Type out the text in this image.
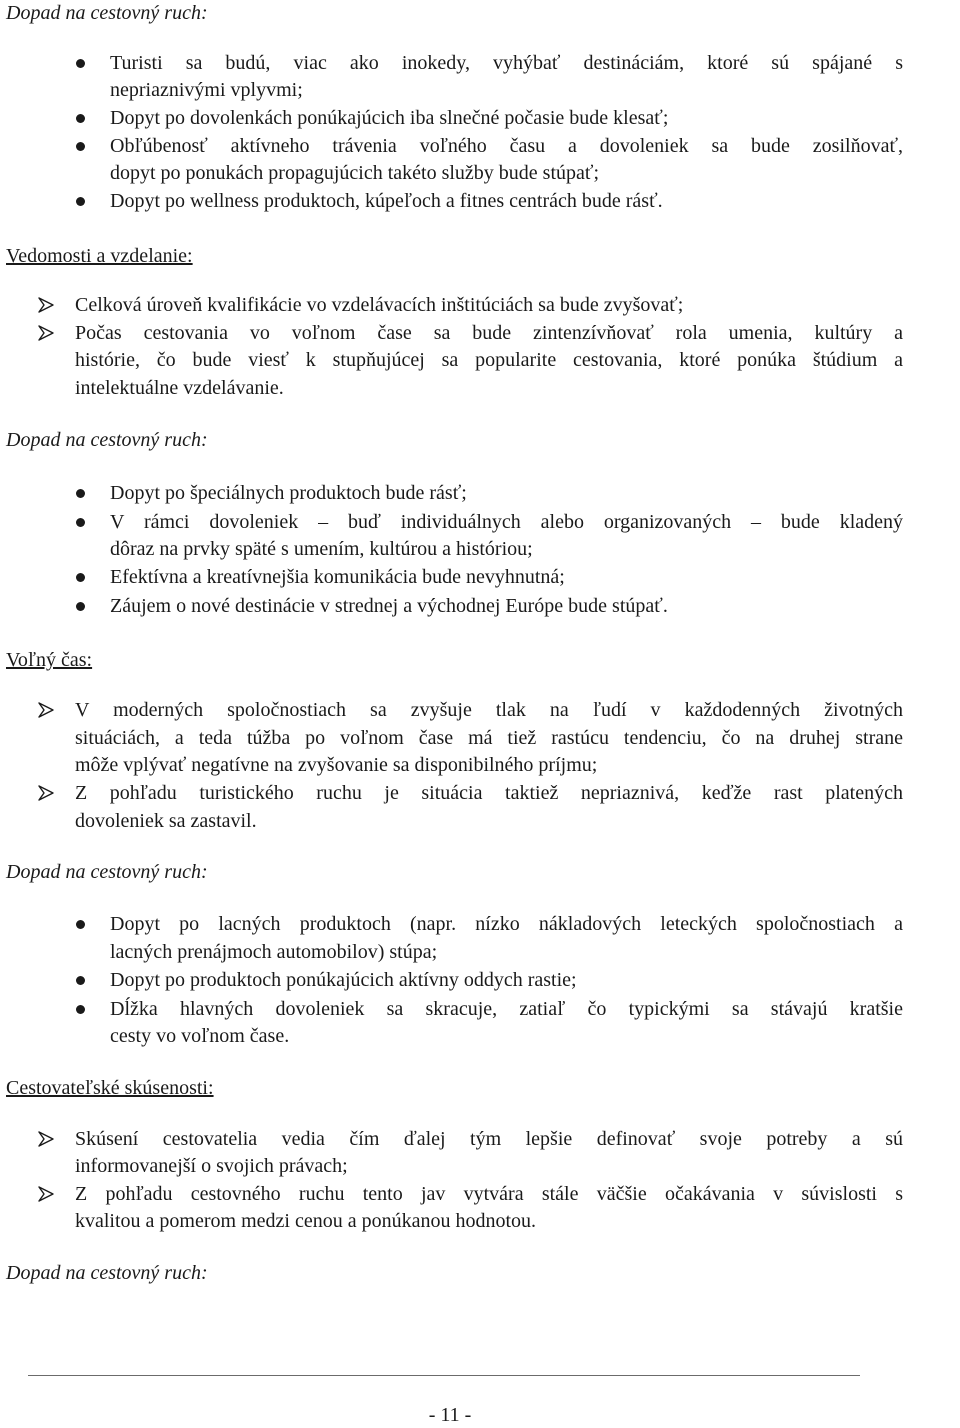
Dopad na cestovný ruch:
Turisti sa budú, viac ako inokedy, vyhýbať destináciám, ktoré sú spájané s
nepriaznivými vplyvmi;
Dopyt po dovolenkách ponúkajúcich iba slnečné počasie bude klesať;
Obľúbenosť aktívneho trávenia voľného času a dovoleniek sa bude zosilňovať,
dopyt po ponukách propagujúcich takéto služby bude stúpať;
Dopyt po wellness produktoch, kúpeľoch a fitnes centrách bude rásť.
Vedomosti a vzdelanie:
Celková úroveň kvalifikácie vo vzdelávacích inštitúciách sa bude zvyšovať;
Počas cestovania vo voľnom čase sa bude zintenzívňovať rola umenia, kultúry a
histórie, čo bude viesť k stupňujúcej sa popularite cestovania, ktoré ponúka štúdium a
intelektuálne vzdelávanie.
Dopad na cestovný ruch:
Dopyt po špeciálnych produktoch bude rásť;
V rámci dovoleniek – buď individuálnych alebo organizovaných – bude kladený
dôraz na prvky späté s umením, kultúrou a históriou;
Efektívna a kreatívnejšia komunikácia bude nevyhnutná;
Záujem o nové destinácie v strednej a východnej Európe bude stúpať.
Voľný čas:
V moderných spoločnostiach sa zvyšuje tlak na ľudí v každodenných životných
situáciách, a teda túžba po voľnom čase má tiež rastúcu tendenciu, čo na druhej strane
môže vplývať negatívne na zvyšovanie sa disponibilného príjmu;
Z pohľadu turistického ruchu je situácia taktiež nepriaznivá, keďže rast platených
dovoleniek sa zastavil.
Dopad na cestovný ruch:
Dopyt po lacných produktoch (napr. nízko nákladových leteckých spoločnostiach a
lacných prenájmoch automobilov) stúpa;
Dopyt po produktoch ponúkajúcich aktívny oddych rastie;
Dĺžka hlavných dovoleniek sa skracuje, zatiaľ čo typickými sa stávajú kratšie
cesty vo voľnom čase.
Cestovateľské skúsenosti:
Skúsení cestovatelia vedia čím ďalej tým lepšie definovať svoje potreby a sú
informovanejší o svojich právach;
Z pohľadu cestovného ruchu tento jav vytvára stále väčšie očakávania v súvislosti s
kvalitou a pomerom medzi cenou a ponúkanou hodnotou.
Dopad na cestovný ruch:
- 11 -
